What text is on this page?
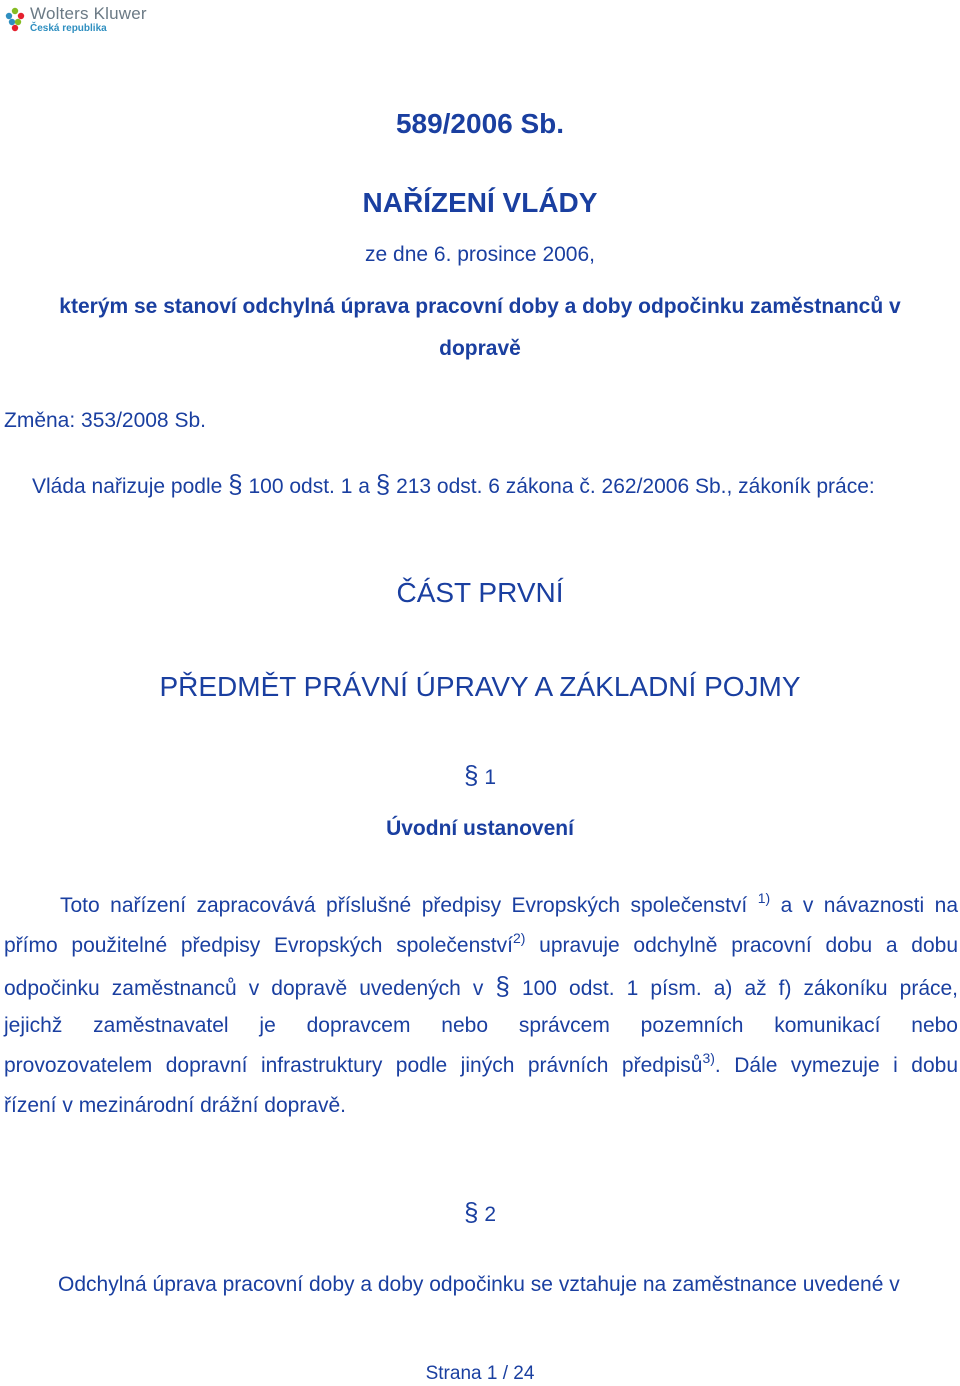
Wolters Kluwer
Česká republika
589/2006 Sb.
NAŘÍZENÍ VLÁDY
ze dne 6. prosince 2006,
kterým se stanoví odchylná úprava pracovní doby a doby odpočinku zaměstnanců v
dopravě
Změna: 353/2008 Sb.
Vláda nařizuje podle § 100 odst. 1 a § 213 odst. 6 zákona č. 262/2006 Sb., zákoník práce:
ČÁST PRVNÍ
PŘEDMĚT PRÁVNÍ ÚPRAVY A ZÁKLADNÍ POJMY
§ 1
Úvodní ustanovení
Toto nařízení zapracovává příslušné předpisy Evropských společenství $^{1)}$ a v návaznosti na
přímo použitelné předpisy Evropských společenství$^{2)}$ upravuje odchylně pracovní dobu a dobu
odpočinku zaměstnanců v dopravě uvedených v § 100 odst. 1 písm. a) až f) zákoníku práce,
jejichž zaměstnavatel je dopravcem nebo správcem pozemních komunikací nebo
provozovatelem dopravní infrastruktury podle jiných právních předpisů$^{3)}$. Dále vymezuje i dobu
řízení v mezinárodní drážní dopravě.
§ 2
Odchylná úprava pracovní doby a doby odpočinku se vztahuje na zaměstnance uvedené v
Strana 1 / 24
